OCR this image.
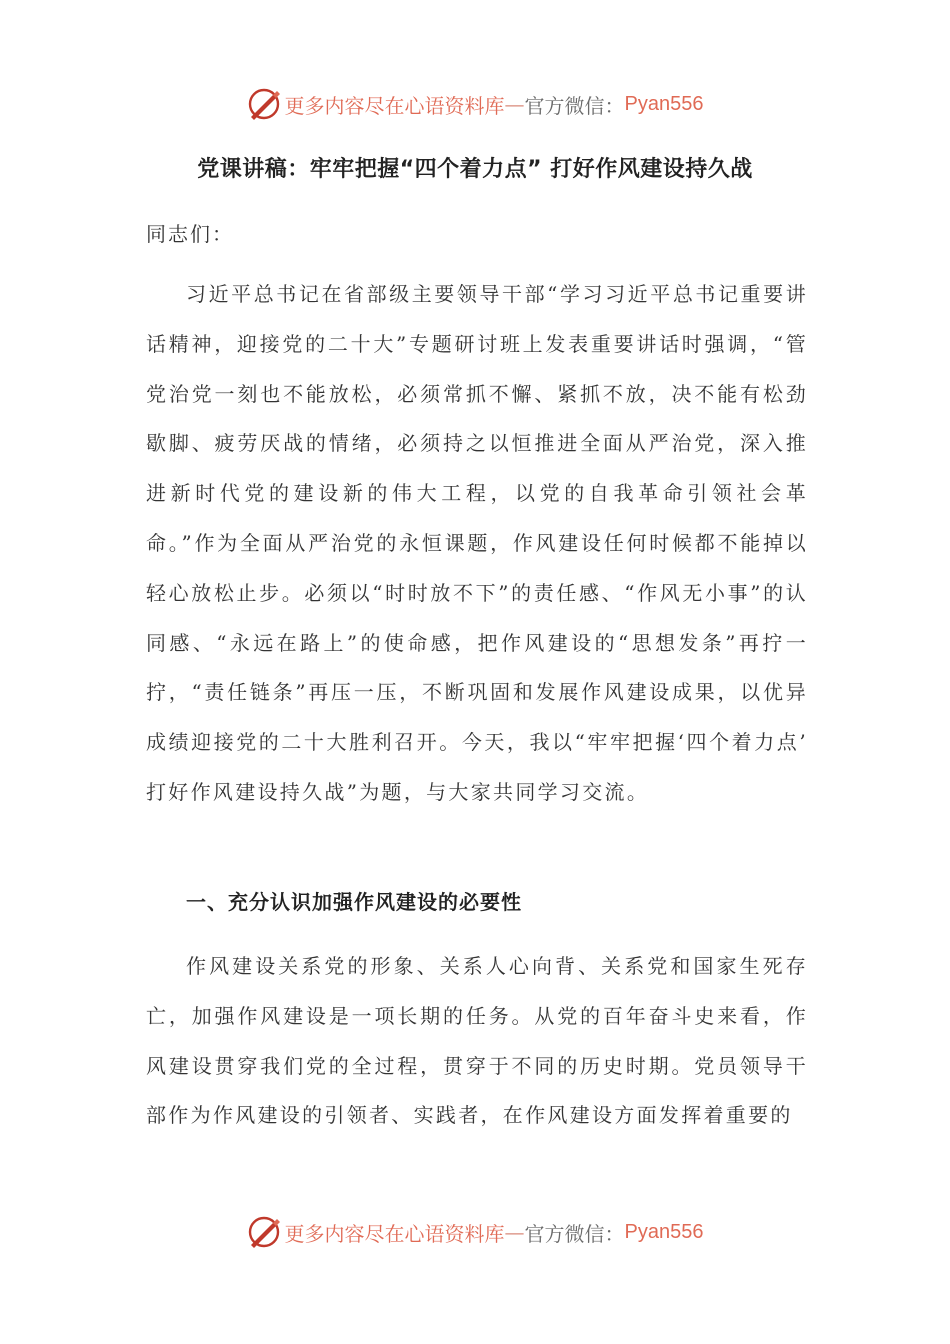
更多内容尽在心语资料库 — 官方微信： Pyan556
党课讲稿：牢牢把握“四个着力点” 打好作风建设持久战
同志们：
习近平总书记在省部级主要领导干部“学习习近平总书记重要讲话精神，迎接党的二十大”专题研讨班上发表重要讲话时强调，“管党治党一刻也不能放松，必须常抓不懈、紧抓不放，决不能有松劲歇脚、疲劳厌战的情绪，必须持之以恒推进全面从严治党，深入推进新时代党的建设新的伟大工程，以党的自我革命引领社会革命。”作为全面从严治党的永恒课题，作风建设任何时候都不能掉以轻心放松止步。必须以“时时放不下”的责任感、“作风无小事”的认同感、“永远在路上”的使命感，把作风建设的“思想发条”再拧一拧，“责任链条”再压一压，不断巩固和发展作风建设成果，以优异成绩迎接党的二十大胜利召开。今天，我以“牢牢把握‘四个着力点’ 打好作风建设持久战”为题，与大家共同学习交流。
一、充分认识加强作风建设的必要性
作风建设关系党的形象、关系人心向背、关系党和国家生死存亡，加强作风建设是一项长期的任务。从党的百年奋斗史来看，作风建设贯穿我们党的全过程，贯穿于不同的历史时期。党员领导干部作为作风建设的引领者、实践者，在作风建设方面发挥着重要的
更多内容尽在心语资料库 — 官方微信： Pyan556
